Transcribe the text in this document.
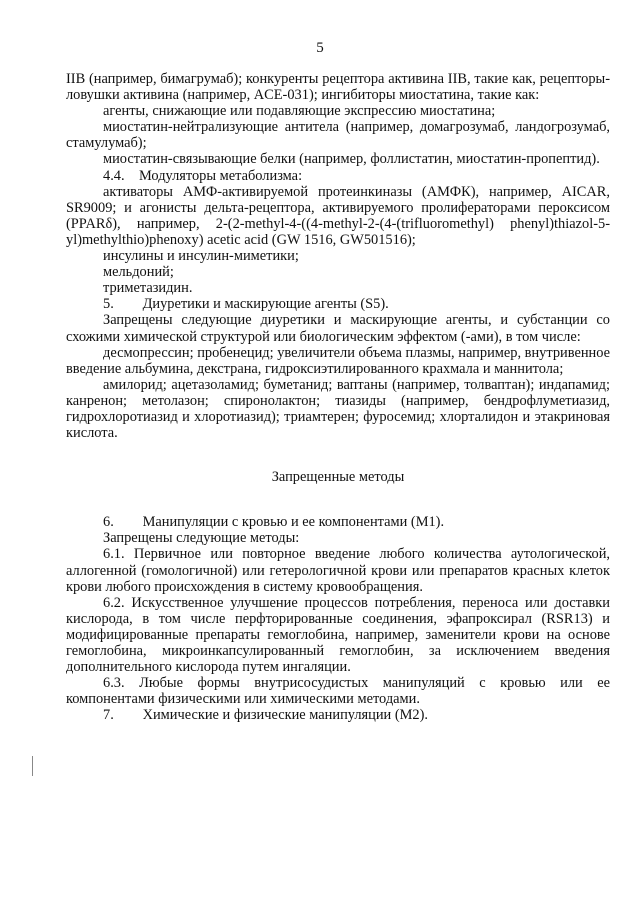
5

IIВ (например, бимагрумаб); конкуренты рецептора активина IIВ, такие как, рецепторы-ловушки активина (например, ACE-031); ингибиторы миостатина, такие как:

агенты, снижающие или подавляющие экспрессию миостатина;

миостатин-нейтрализующие антитела (например, домагрозумаб, ландогрозумаб, стамулумаб);

миостатин-связывающие белки (например, фоллистатин, миостатин-пропептид).

4.4. Модуляторы метаболизма:

активаторы АМФ-активируемой протеинкиназы (АМФК), например, AICAR, SR9009; и агонисты дельта-рецептора, активируемого пролифераторами пероксисом (PPARδ), например, 2-(2-methyl-4-((4-methyl-2-(4-(trifluoromethyl) phenyl)thiazol-5-yl)methylthio)phenoxy) acetic acid (GW 1516, GW501516);

инсулины и инсулин-миметики;

мельдоний;

триметазидин.

5.  Диуретики и маскирующие агенты (S5).

Запрещены следующие диуретики и маскирующие агенты, и субстанции со схожими химической структурой или биологическим эффектом (-ами), в том числе:

десмопрессин; пробенецид; увеличители объема плазмы, например, внутривенное введение альбумина, декстрана, гидроксиэтилированного крахмала и маннитола;

амилорид; ацетазоламид; буметанид; ваптаны (например, толваптан); индапамид; канренон; метолазон; спиронолактон; тиазиды (например, бендрофлуметиазид, гидрохлоротиазид и хлоротиазид); триамтерен; фуросемид; хлорталидон и этакриновая кислота.

Запрещенные методы

6.  Манипуляции с кровью и ее компонентами (M1).

Запрещены следующие методы:

6.1. Первичное или повторное введение любого количества аутологической, аллогенной (гомологичной) или гетерологичной крови или препаратов красных клеток крови любого происхождения в систему кровообращения.

6.2. Искусственное улучшение процессов потребления, переноса или доставки кислорода, в том числе перфторированные соединения, эфапроксирал (RSR13) и модифицированные препараты гемоглобина, например, заменители крови на основе гемоглобина, микроинкапсулированный гемоглобин, за исключением введения дополнительного кислорода путем ингаляции.

6.3. Любые формы внутрисосудистых манипуляций с кровью или ее компонентами физическими или химическими методами.

7.  Химические и физические манипуляции (М2).
